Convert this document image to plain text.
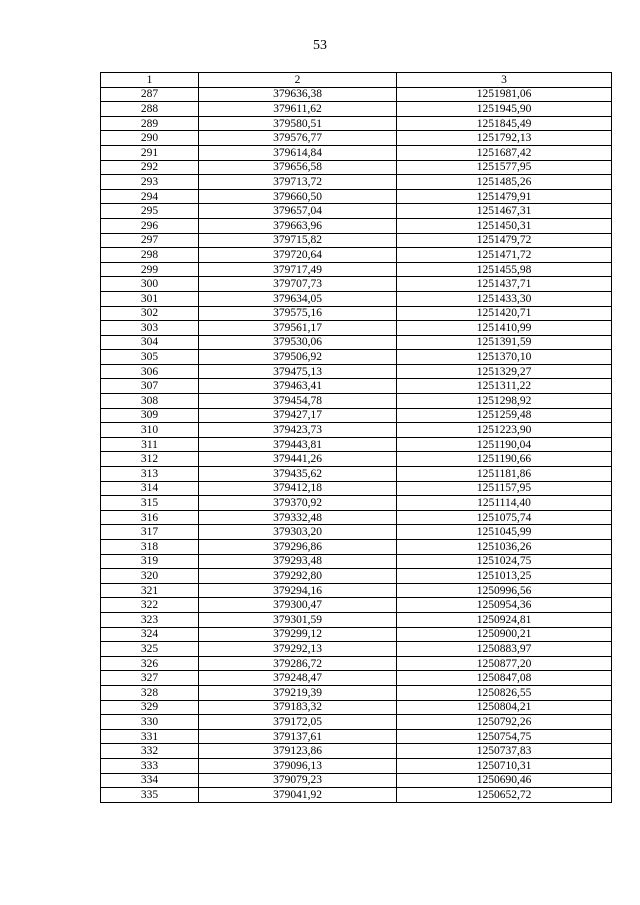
53
1	2	3
287	379636,38	1251981,06
288	379611,62	1251945,90
289	379580,51	1251845,49
290	379576,77	1251792,13
291	379614,84	1251687,42
292	379656,58	1251577,95
293	379713,72	1251485,26
294	379660,50	1251479,91
295	379657,04	1251467,31
296	379663,96	1251450,31
297	379715,82	1251479,72
298	379720,64	1251471,72
299	379717,49	1251455,98
300	379707,73	1251437,71
301	379634,05	1251433,30
302	379575,16	1251420,71
303	379561,17	1251410,99
304	379530,06	1251391,59
305	379506,92	1251370,10
306	379475,13	1251329,27
307	379463,41	1251311,22
308	379454,78	1251298,92
309	379427,17	1251259,48
310	379423,73	1251223,90
311	379443,81	1251190,04
312	379441,26	1251190,66
313	379435,62	1251181,86
314	379412,18	1251157,95
315	379370,92	1251114,40
316	379332,48	1251075,74
317	379303,20	1251045,99
318	379296,86	1251036,26
319	379293,48	1251024,75
320	379292,80	1251013,25
321	379294,16	1250996,56
322	379300,47	1250954,36
323	379301,59	1250924,81
324	379299,12	1250900,21
325	379292,13	1250883,97
326	379286,72	1250877,20
327	379248,47	1250847,08
328	379219,39	1250826,55
329	379183,32	1250804,21
330	379172,05	1250792,26
331	379137,61	1250754,75
332	379123,86	1250737,83
333	379096,13	1250710,31
334	379079,23	1250690,46
335	379041,92	1250652,72
